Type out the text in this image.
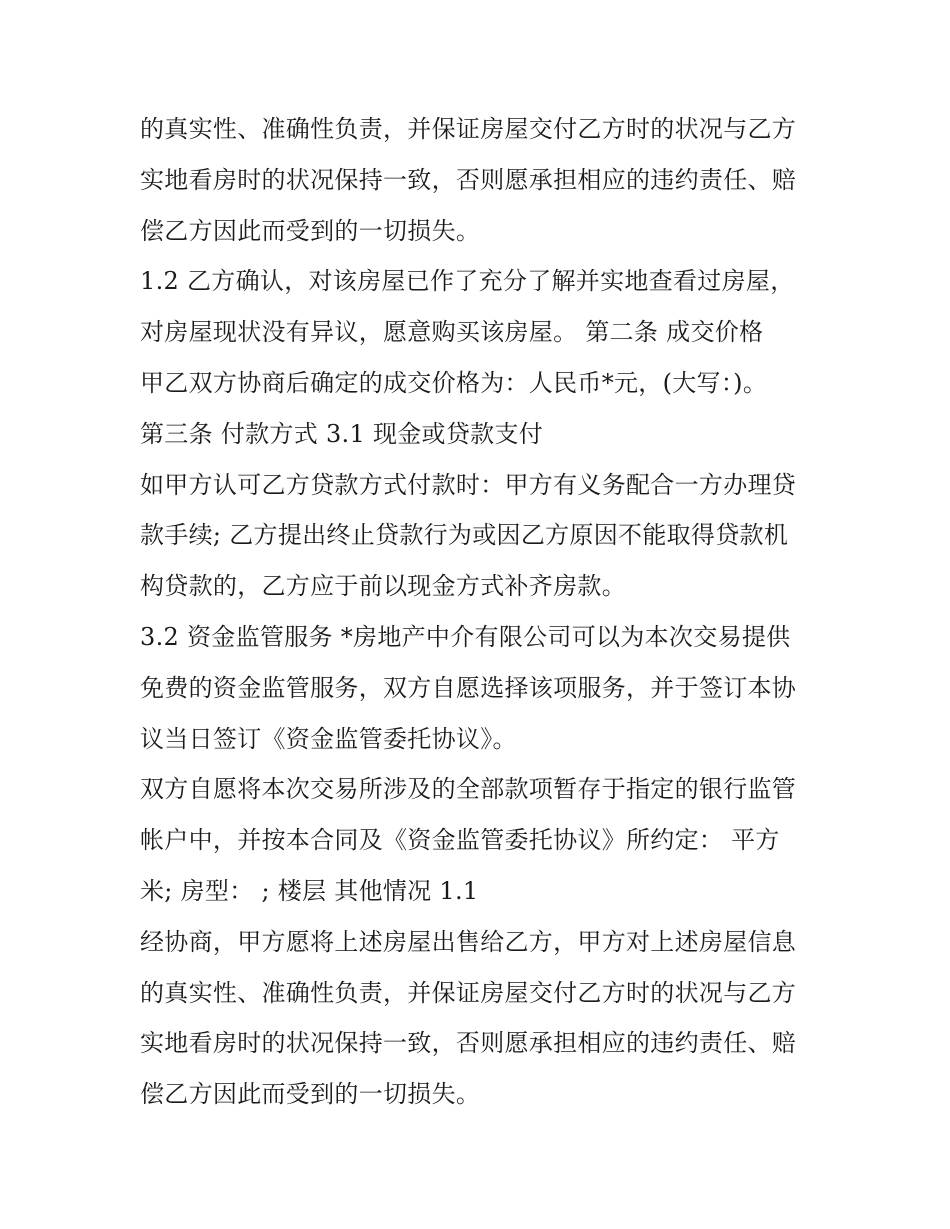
的真实性、准确性负责，并保证房屋交付乙方时的状况与乙方
实地看房时的状况保持一致，否则愿承担相应的违约责任、赔
偿乙方因此而受到的一切损失。
1.2 乙方确认，对该房屋已作了充分了解并实地查看过房屋，
对房屋现状没有异议，愿意购买该房屋。 第二条 成交价格
甲乙双方协商后确定的成交价格为：人民币*元，(大写：)。
第三条 付款方式 3.1 现金或贷款支付
如甲方认可乙方贷款方式付款时：甲方有义务配合一方办理贷
款手续; 乙方提出终止贷款行为或因乙方原因不能取得贷款机
构贷款的，乙方应于前以现金方式补齐房款。
3.2 资金监管服务 *房地产中介有限公司可以为本次交易提供
免费的资金监管服务，双方自愿选择该项服务，并于签订本协
议当日签订《资金监管委托协议》。
双方自愿将本次交易所涉及的全部款项暂存于指定的银行监管
帐户中，并按本合同及《资金监管委托协议》所约定： 平方
米; 房型： ; 楼层 其他情况 1.1
经协商，甲方愿将上述房屋出售给乙方，甲方对上述房屋信息
的真实性、准确性负责，并保证房屋交付乙方时的状况与乙方
实地看房时的状况保持一致，否则愿承担相应的违约责任、赔
偿乙方因此而受到的一切损失。
